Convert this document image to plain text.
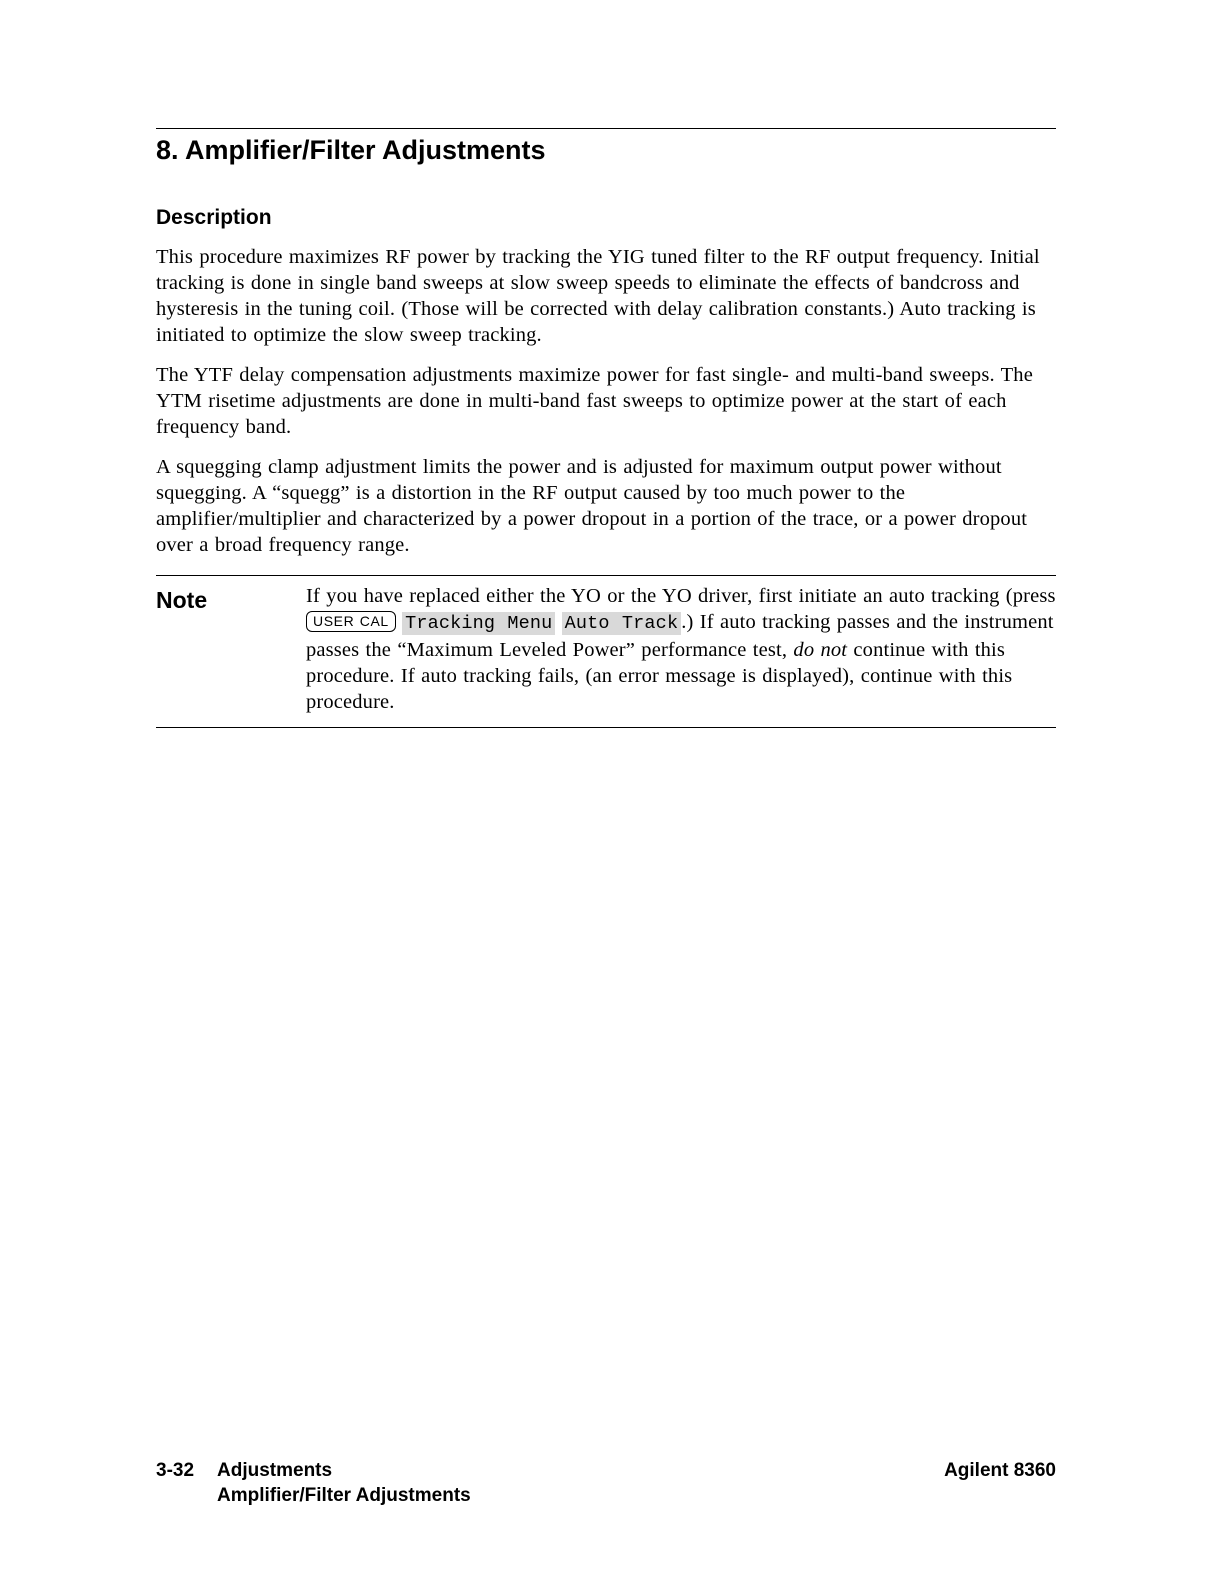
8. Amplifier/Filter Adjustments
Description

This procedure maximizes RF power by tracking the YIG tuned filter to the RF output frequency. Initial tracking is done in single band sweeps at slow sweep speeds to eliminate the effects of bandcross and hysteresis in the tuning coil. (Those will be corrected with delay calibration constants.) Auto tracking is initiated to optimize the slow sweep tracking.

The YTF delay compensation adjustments maximize power for fast single- and multi-band sweeps. The YTM risetime adjustments are done in multi-band fast sweeps to optimize power at the start of each frequency band.

A squegging clamp adjustment limits the power and is adjusted for maximum output power without squegging. A “squegg” is a distortion in the RF output caused by too much power to the amplifier/multiplier and characterized by a power dropout in a portion of the trace, or a power dropout over a broad frequency range.

Note	If you have replaced either the YO or the YO driver, first initiate an auto tracking (press USER CAL Tracking Menu Auto Track .) If auto tracking passes and the instrument passes the “Maximum Leveled Power” performance test, do not continue with this procedure. If auto tracking fails, (an error message is displayed), continue with this procedure.
3-32 Adjustments
Amplifier/Filter Adjustments
Agilent 8360
